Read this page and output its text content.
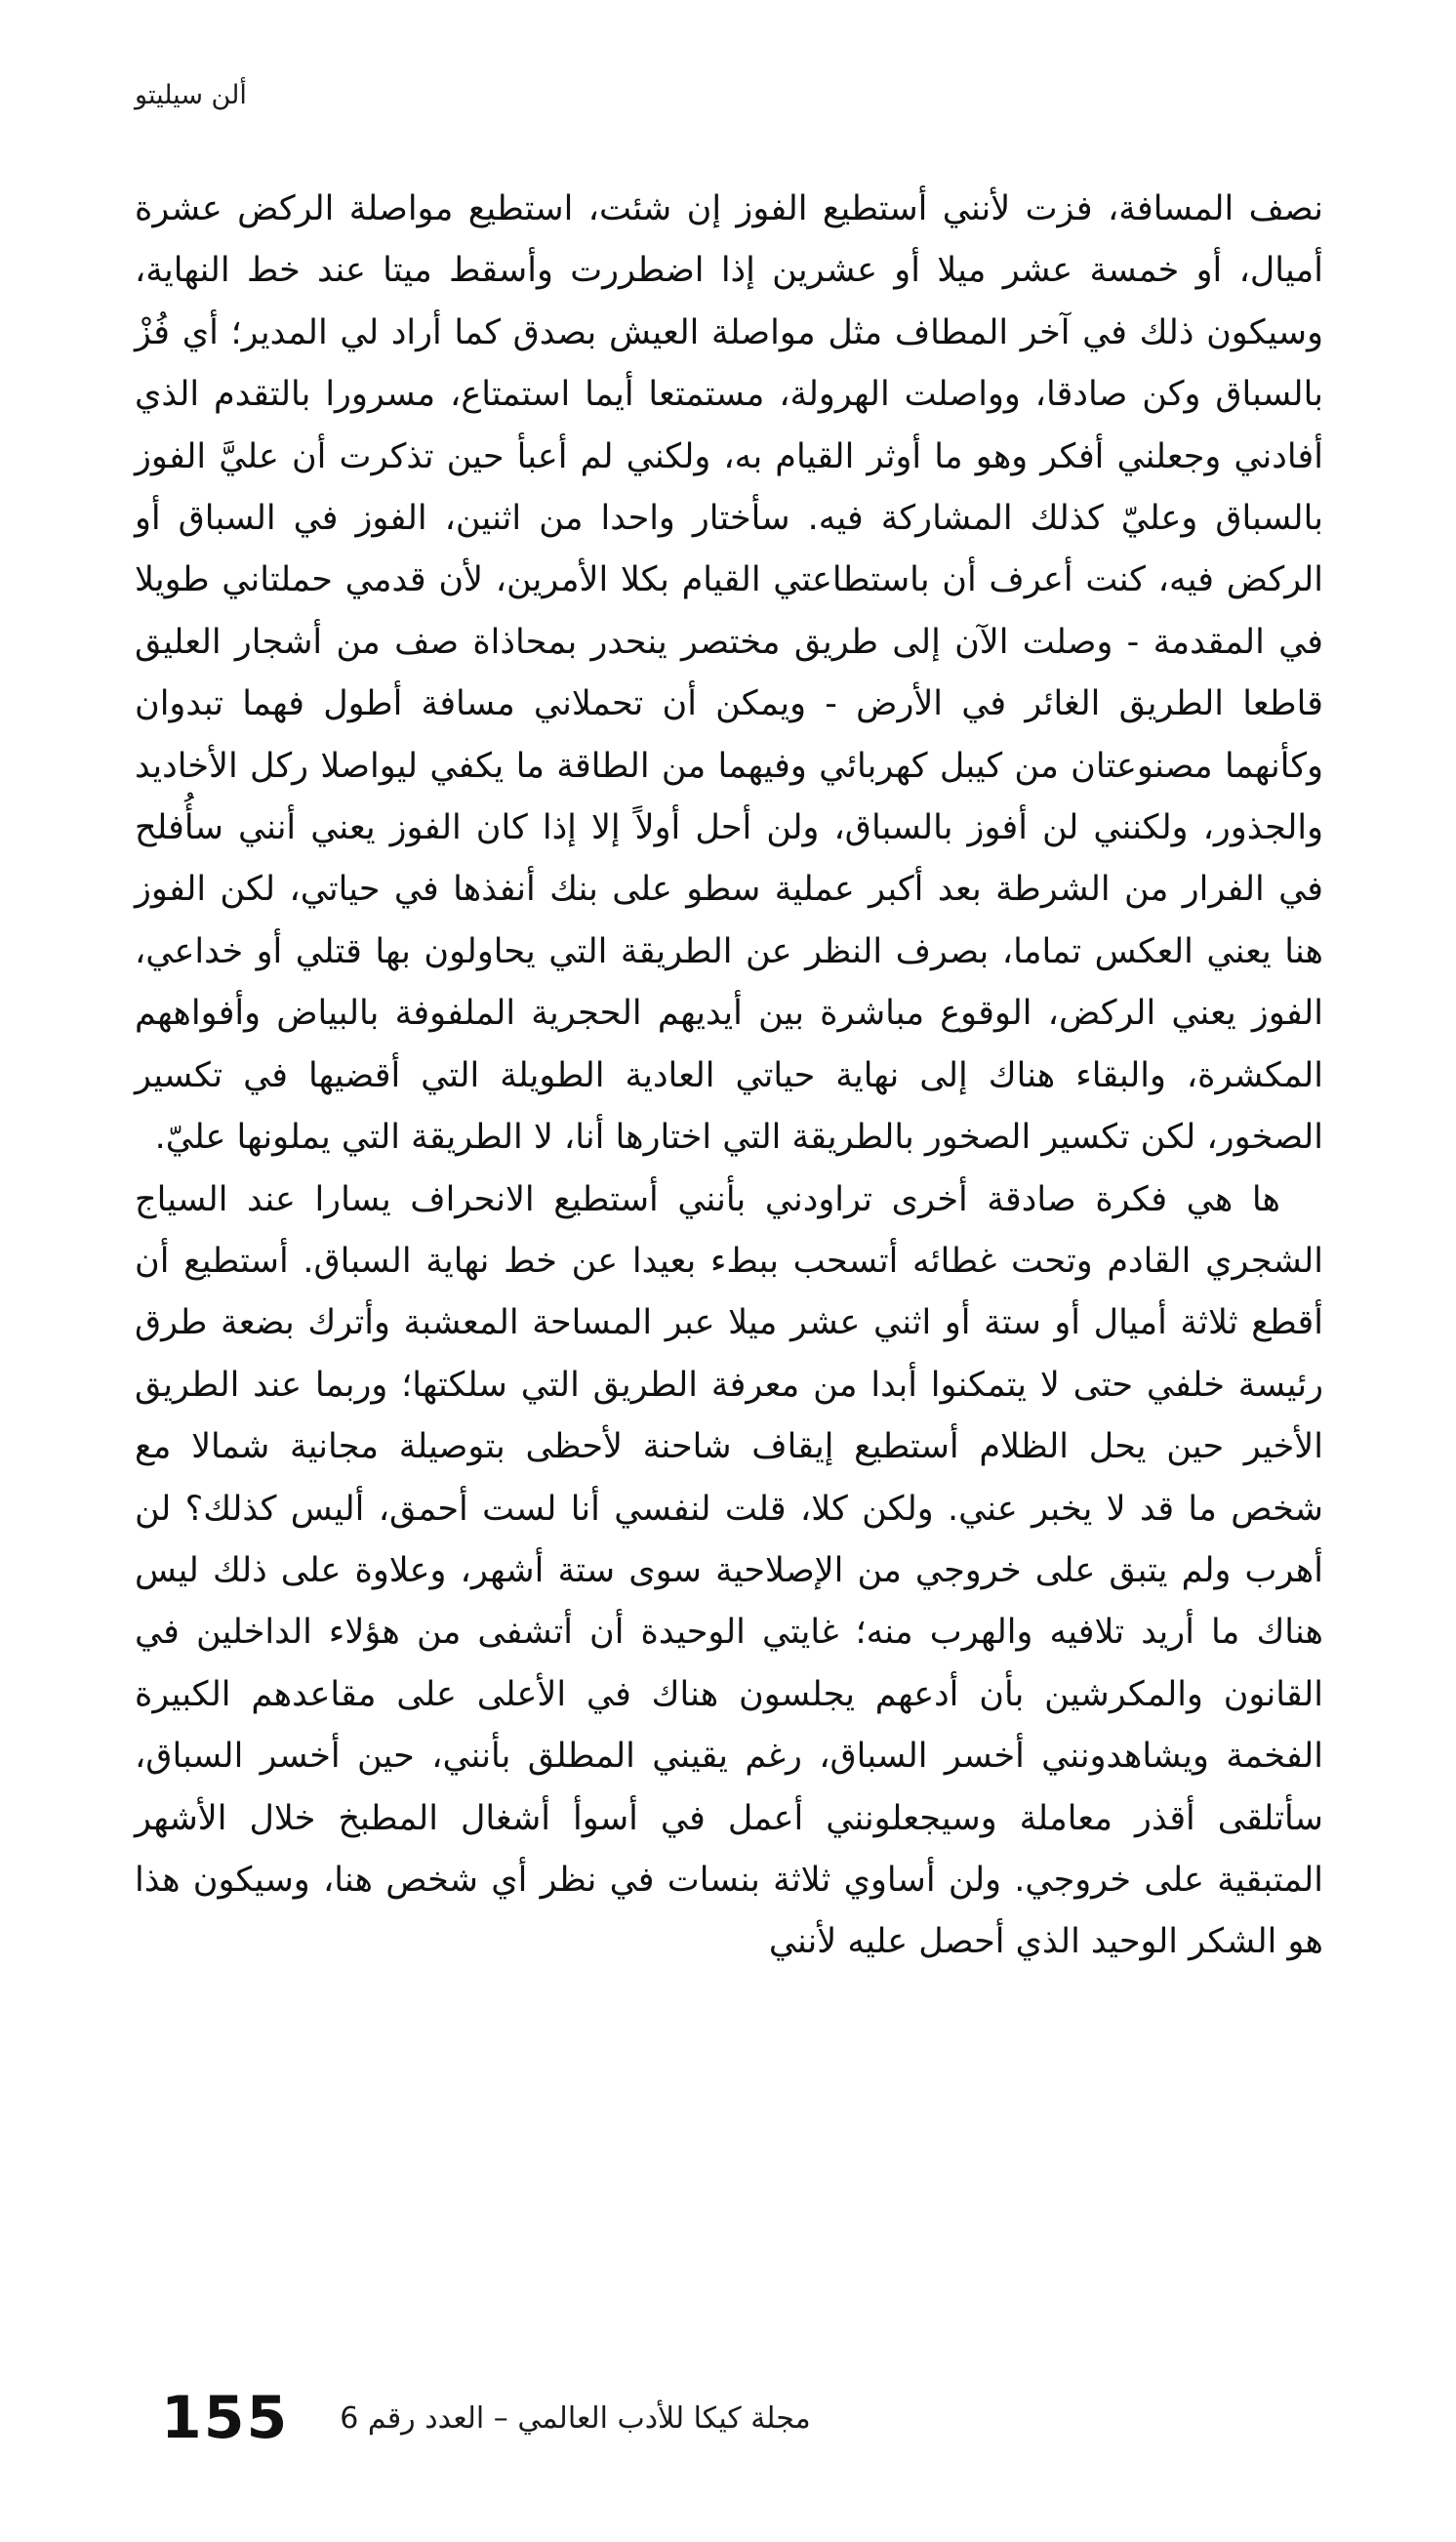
ألن سيليتو

نصف المسافة، فزت لأنني أستطيع الفوز إن شئت، استطيع مواصلة الركض عشرة أميال، أو خمسة عشر ميلا أو عشرين إذا اضطررت وأسقط ميتا عند خط النهاية، وسيكون ذلك في آخر المطاف مثل مواصلة العيش بصدق كما أراد لي المدير؛ أي فُزْ بالسباق وكن صادقا، وواصلت الهرولة، مستمتعا أيما استمتاع، مسرورا بالتقدم الذي أفادني وجعلني أفكر وهو ما أوثر القيام به، ولكني لم أعبأ حين تذكرت أن عليَّ الفوز بالسباق وعليّ كذلك المشاركة فيه. سأختار واحدا من اثنين، الفوز في السباق أو الركض فيه، كنت أعرف أن باستطاعتي القيام بكلا الأمرين، لأن قدمي حملتاني طويلا في المقدمة - وصلت الآن إلى طريق مختصر ينحدر بمحاذاة صف من أشجار العليق قاطعا الطريق الغائر في الأرض - ويمكن أن تحملاني مسافة أطول فهما تبدوان وكأنهما مصنوعتان من كيبل كهربائي وفيهما من الطاقة ما يكفي ليواصلا ركل الأخاديد والجذور، ولكنني لن أفوز بالسباق، ولن أحل أولاً إلا إذا كان الفوز يعني أنني سأُفلح في الفرار من الشرطة بعد أكبر عملية سطو على بنك أنفذها في حياتي، لكن الفوز هنا يعني العكس تماما، بصرف النظر عن الطريقة التي يحاولون بها قتلي أو خداعي، الفوز يعني الركض، الوقوع مباشرة بين أيديهم الحجرية الملفوفة بالبياض وأفواههم المكشرة، والبقاء هناك إلى نهاية حياتي العادية الطويلة التي أقضيها في تكسير الصخور، لكن تكسير الصخور بالطريقة التي اختارها أنا، لا الطريقة التي يملونها عليّ.

ها هي فكرة صادقة أخرى تراودني بأنني أستطيع الانحراف يسارا عند السياج الشجري القادم وتحت غطائه أتسحب ببطء بعيدا عن خط نهاية السباق. أستطيع أن أقطع ثلاثة أميال أو ستة أو اثني عشر ميلا عبر المساحة المعشبة وأترك بضعة طرق رئيسة خلفي حتى لا يتمكنوا أبدا من معرفة الطريق التي سلكتها؛ وربما عند الطريق الأخير حين يحل الظلام أستطيع إيقاف شاحنة لأحظى بتوصيلة مجانية شمالا مع شخص ما قد لا يخبر عني. ولكن كلا، قلت لنفسي أنا لست أحمق، أليس كذلك؟ لن أهرب ولم يتبق على خروجي من الإصلاحية سوى ستة أشهر، وعلاوة على ذلك ليس هناك ما أريد تلافيه والهرب منه؛ غايتي الوحيدة أن أتشفى من هؤلاء الداخلين في القانون والمكرشين بأن أدعهم يجلسون هناك في الأعلى على مقاعدهم الكبيرة الفخمة ويشاهدونني أخسر السباق، رغم يقيني المطلق بأنني، حين أخسر السباق، سأتلقى أقذر معاملة وسيجعلونني أعمل في أسوأ أشغال المطبخ خلال الأشهر المتبقية على خروجي. ولن أساوي ثلاثة بنسات في نظر أي شخص هنا، وسيكون هذا هو الشكر الوحيد الذي أحصل عليه لأنني

155 مجلة كيكا للأدب العالمي – العدد رقم 6
